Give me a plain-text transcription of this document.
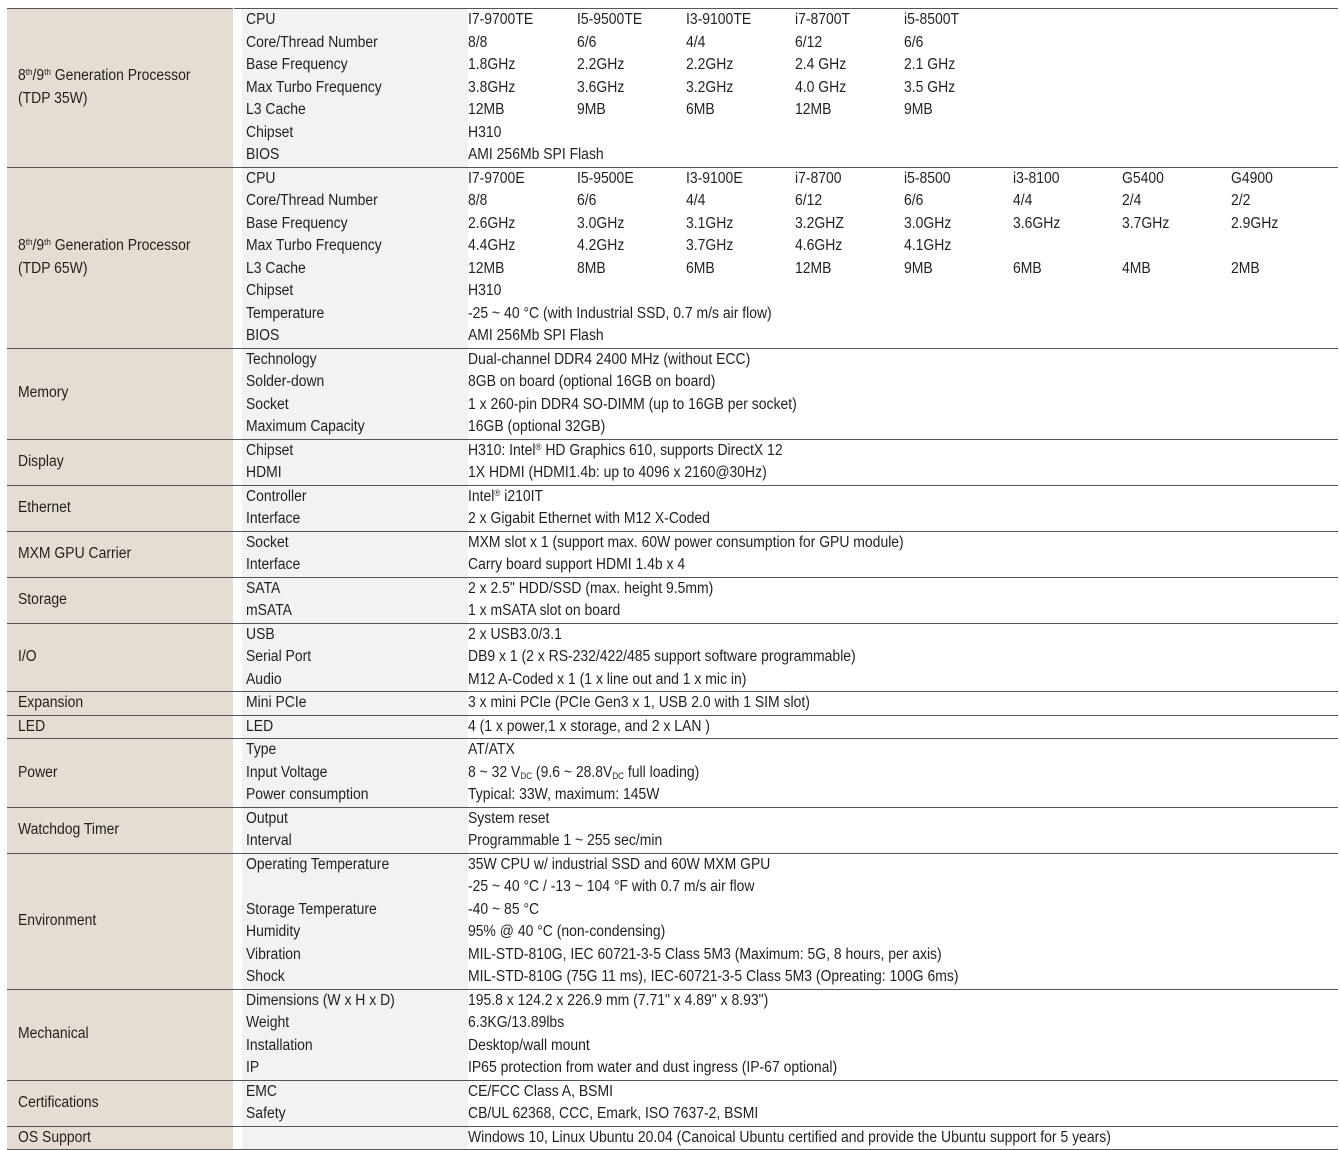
8th/9th Generation Processor
(TDP 35W)		CPU	I7-9700TE	I5-9500TE	I3-9100TE	i7-8700T	i5-8500T			
		Core/Thread Number	8/8	6/6	4/4	6/12	6/6			
		Base Frequency	1.8GHz	2.2GHz	2.2GHz	2.4 GHz	2.1 GHz			
		Max Turbo Frequency	3.8GHz	3.6GHz	3.2GHz	4.0 GHz	3.5 GHz			
		L3 Cache	12MB	9MB	6MB	12MB	9MB			
		Chipset	H310							
		BIOS	AMI 256Mb SPI Flash							
8th/9th Generation Processor
(TDP 65W)		CPU	I7-9700E	I5-9500E	I3-9100E	i7-8700	i5-8500	i3-8100	G5400	G4900
		Core/Thread Number	8/8	6/6	4/4	6/12	6/6	4/4	2/4	2/2
		Base Frequency	2.6GHz	3.0GHz	3.1GHz	3.2GHZ	3.0GHz	3.6GHz	3.7GHz	2.9GHz
		Max Turbo Frequency	4.4GHz	4.2GHz	3.7GHz	4.6GHz	4.1GHz			
		L3 Cache	12MB	8MB	6MB	12MB	9MB	6MB	4MB	2MB
		Chipset	H310							
		Temperature	-25 ~ 40 °C (with Industrial SSD, 0.7 m/s air flow)							
		BIOS	AMI 256Mb SPI Flash							
Memory		Technology	Dual-channel DDR4 2400 MHz (without ECC)							
		Solder-down	8GB on board (optional 16GB on board)							
		Socket	1 x 260-pin DDR4 SO-DIMM (up to 16GB per socket)							
		Maximum Capacity	16GB (optional 32GB)							
Display		Chipset	H310: Intel® HD Graphics 610, supports DirectX 12							
		HDMI	1X HDMI (HDMI1.4b: up to 4096 x 2160@30Hz)							
Ethernet		Controller	Intel® i210IT							
		Interface	2 x Gigabit Ethernet with M12 X-Coded							
MXM GPU Carrier		Socket	MXM slot x 1 (support max. 60W power consumption for GPU module)							
		Interface	Carry board support HDMI 1.4b x 4							
Storage		SATA	2 x 2.5" HDD/SSD (max. height 9.5mm)							
		mSATA	1 x mSATA slot on board							
I/O		USB	2 x USB3.0/3.1							
		Serial Port	DB9 x 1 (2 x RS-232/422/485 support software programmable)							
		Audio	M12 A-Coded x 1 (1 x line out and 1 x mic in)							
Expansion		Mini PCIe	3 x mini PCIe (PCIe Gen3 x 1, USB 2.0 with 1 SIM slot)							
LED		LED	4 (1 x power,1 x storage, and 2 x LAN )							
Power		Type	AT/ATX							
		Input Voltage	8 ~ 32 $V_{DC}$ (9.6 ~ $28.8V_{DC}$ full loading)							
		Power consumption	Typical: 33W, maximum: 145W							
Watchdog Timer		Output	System reset							
		Interval	Programmable 1 ~ 255 sec/min							
Environment		Operating Temperature	35W CPU w/ industrial SSD and 60W MXM GPU							
			-25 ~ 40 °C / -13 ~ 104 °F with 0.7 m/s air flow							
		Storage Temperature	-40 ~ 85 °C							
		Humidity	95% @ 40 °C (non-condensing)							
		Vibration	MIL-STD-810G, IEC 60721-3-5 Class 5M3 (Maximum: 5G, 8 hours, per axis)							
		Shock	MIL-STD-810G (75G 11 ms), IEC-60721-3-5 Class 5M3 (Opreating: 100G 6ms)							
Mechanical		Dimensions (W x H x D)	195.8 x 124.2 x 226.9 mm (7.71" x 4.89" x 8.93")							
		Weight	6.3KG/13.89lbs							
		Installation	Desktop/wall mount							
		IP	IP65 protection from water and dust ingress (IP-67 optional)							
Certifications		EMC	CE/FCC Class A, BSMI							
		Safety	CB/UL 62368, CCC, Emark, ISO 7637-2, BSMI							
OS Support			Windows 10, Linux Ubuntu 20.04 (Canoical Ubuntu certified and provide the Ubuntu support for 5 years)							
